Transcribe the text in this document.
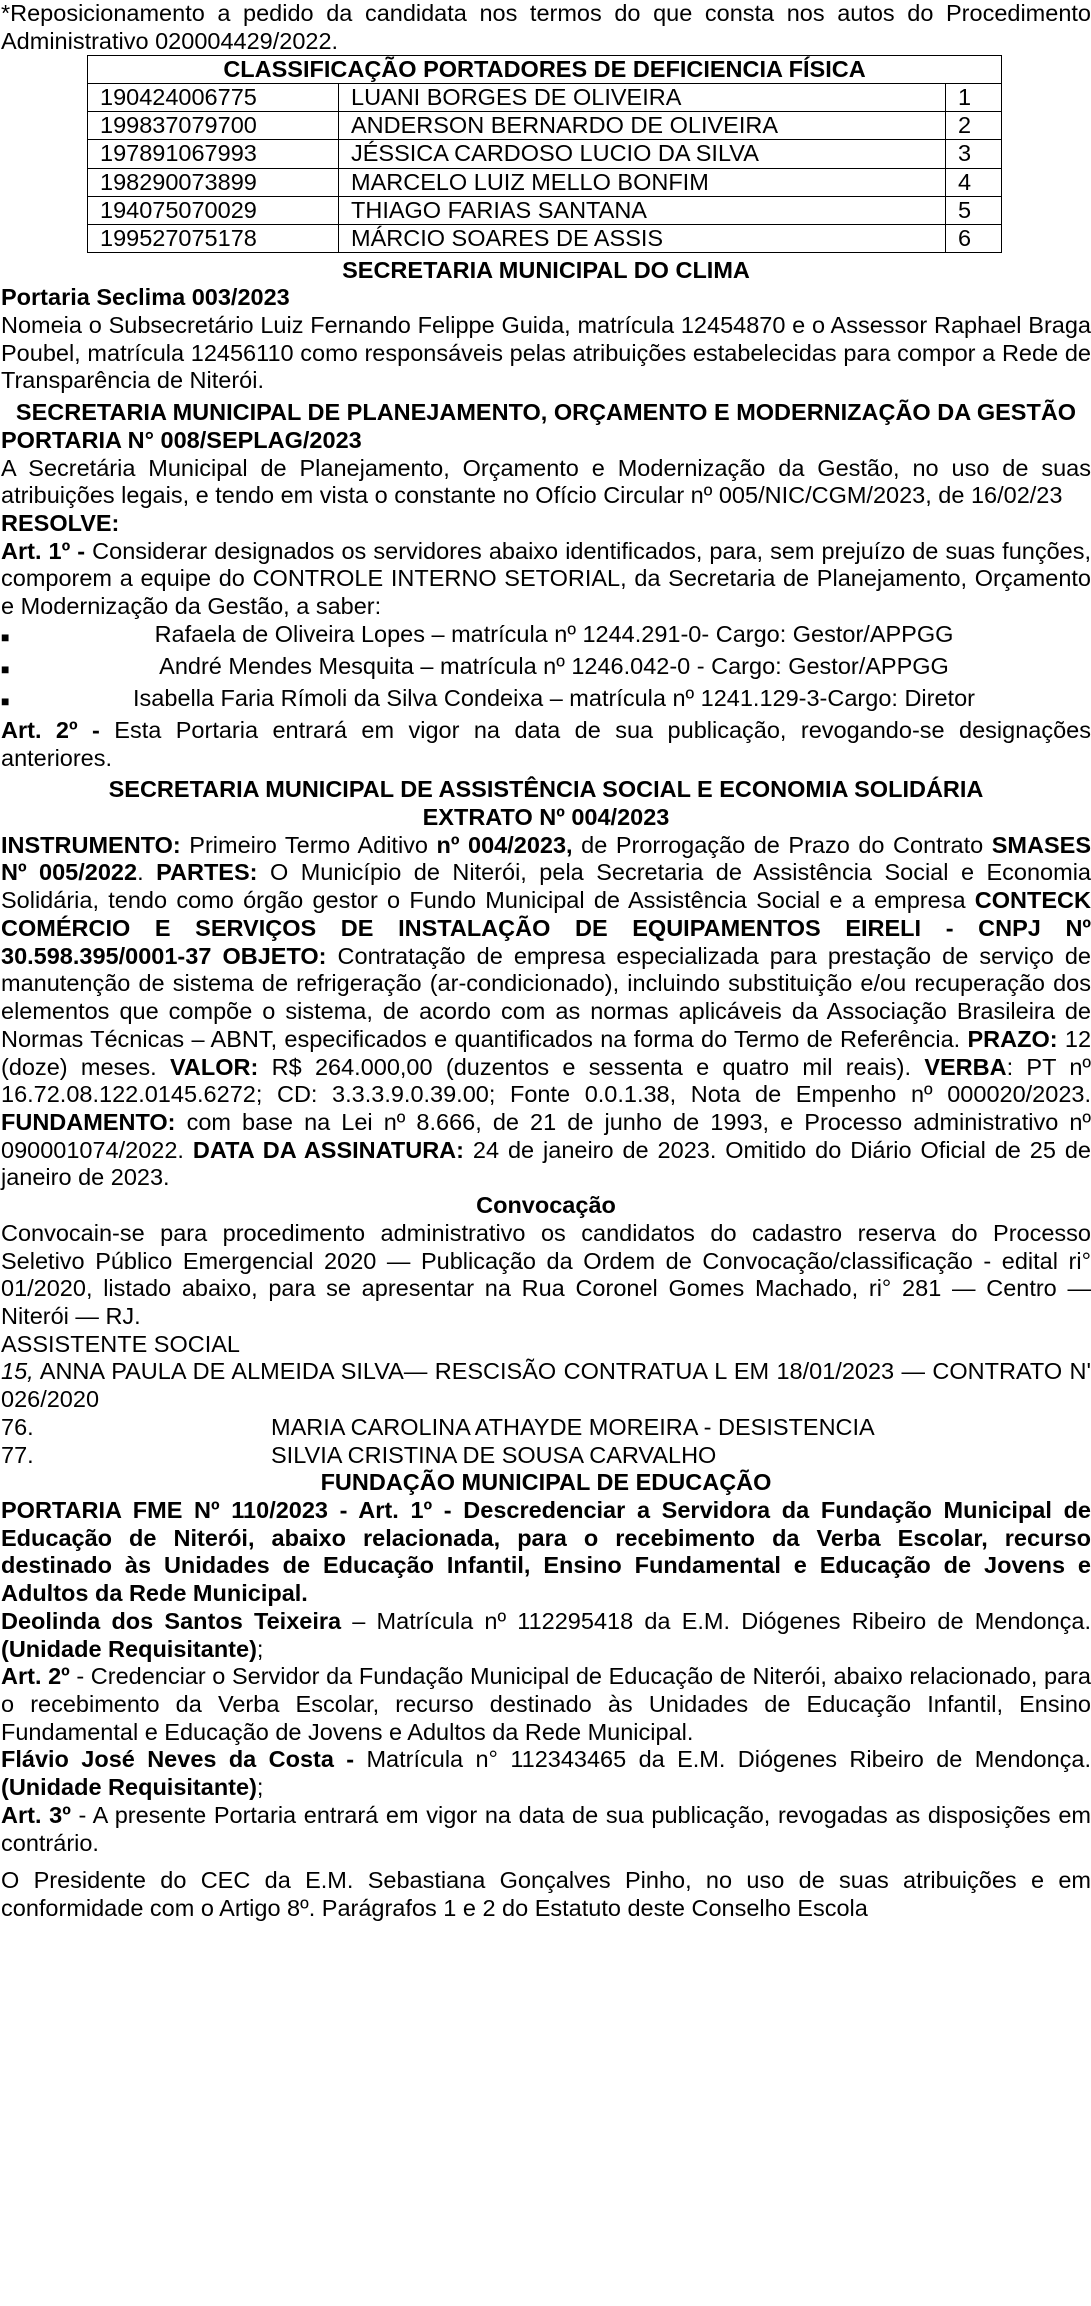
*Reposicionamento a pedido da candidata nos termos do que consta nos autos do Procedimento Administrativo 020004429/2022.

CLASSIFICAÇÃO PORTADORES DE DEFICIENCIA FÍSICA		
190424006775	LUANI BORGES DE OLIVEIRA	1
199837079700	ANDERSON BERNARDO DE OLIVEIRA	2
197891067993	JÉSSICA CARDOSO LUCIO DA SILVA	3
198290073899	MARCELO LUIZ MELLO BONFIM	4
194075070029	THIAGO FARIAS SANTANA	5
199527075178	MÁRCIO SOARES DE ASSIS	6

SECRETARIA MUNICIPAL DO CLIMA

Portaria Seclima 003/2023

Nomeia o Subsecretário Luiz Fernando Felippe Guida, matrícula 12454870 e o Assessor Raphael Braga Poubel, matrícula 12456110 como responsáveis pelas atribuições estabelecidas para compor a Rede de Transparência de Niterói.

SECRETARIA MUNICIPAL DE PLANEJAMENTO, ORÇAMENTO E MODERNIZAÇÃO DA GESTÃO

PORTARIA N° 008/SEPLAG/2023

A Secretária Municipal de Planejamento, Orçamento e Modernização da Gestão, no uso de suas atribuições legais, e tendo em vista o constante no Ofício Circular nº 005/NIC/CGM/2023, de 16/02/23

RESOLVE:

Art. 1º - Considerar designados os servidores abaixo identificados, para, sem prejuízo de suas funções, comporem a equipe do CONTROLE INTERNO SETORIAL, da Secretaria de Planejamento, Orçamento e Modernização da Gestão, a saber:

■	Rafaela de Oliveira Lopes – matrícula nº 1244.291-0- Cargo: Gestor/APPGG
■	André Mendes Mesquita – matrícula nº 1246.042-0 - Cargo: Gestor/APPGG
■	Isabella Faria Rímoli da Silva Condeixa – matrícula nº 1241.129-3-Cargo: Diretor

Art. 2º - Esta Portaria entrará em vigor na data de sua publicação, revogando-se designações anteriores.

SECRETARIA MUNICIPAL DE ASSISTÊNCIA SOCIAL E ECONOMIA SOLIDÁRIA

EXTRATO Nº 004/2023

INSTRUMENTO: Primeiro Termo Aditivo nº 004/2023, de Prorrogação de Prazo do Contrato SMASES Nº 005/2022. PARTES: O Município de Niterói, pela Secretaria de Assistência Social e Economia Solidária, tendo como órgão gestor o Fundo Municipal de Assistência Social e a empresa CONTECK COMÉRCIO E SERVIÇOS DE INSTALAÇÃO DE EQUIPAMENTOS EIRELI - CNPJ Nº 30.598.395/0001-37 OBJETO: Contratação de empresa especializada para prestação de serviço de manutenção de sistema de refrigeração (ar-condicionado), incluindo substituição e/ou recuperação dos elementos que compõe o sistema, de acordo com as normas aplicáveis da Associação Brasileira de Normas Técnicas – ABNT, especificados e quantificados na forma do Termo de Referência. PRAZO: 12 (doze) meses. VALOR: R$ 264.000,00 (duzentos e sessenta e quatro mil reais). VERBA: PT nº 16.72.08.122.0145.6272; CD: 3.3.3.9.0.39.00; Fonte 0.0.1.38, Nota de Empenho nº 000020/2023. FUNDAMENTO: com base na Lei nº 8.666, de 21 de junho de 1993, e Processo administrativo nº 090001074/2022. DATA DA ASSINATURA: 24 de janeiro de 2023. Omitido do Diário Oficial de 25 de janeiro de 2023.

Convocação

Convocain-se para procedimento administrativo os candidatos do cadastro reserva do Processo Seletivo Público Emergencial 2020 — Publicação da Ordem de Convocação/classificação - edital ri° 01/2020, listado abaixo, para se apresentar na Rua Coronel Gomes Machado, ri° 281 — Centro — Niterói — RJ.

ASSISTENTE SOCIAL

15, ANNA PAULA DE ALMEIDA SILVA— RESCISÃO CONTRATUA L EM 18/01/2023 — CONTRATO N' 026/2020

76.	MARIA CAROLINA ATHAYDE MOREIRA - DESISTENCIA
77.	SILVIA CRISTINA DE SOUSA CARVALHO

FUNDAÇÃO MUNICIPAL DE EDUCAÇÃO

PORTARIA FME Nº 110/2023 - Art. 1º - Descredenciar a Servidora da Fundação Municipal de Educação de Niterói, abaixo relacionada, para o recebimento da Verba Escolar, recurso destinado às Unidades de Educação Infantil, Ensino Fundamental e Educação de Jovens e Adultos da Rede Municipal.

Deolinda dos Santos Teixeira – Matrícula nº 112295418 da E.M. Diógenes Ribeiro de Mendonça. (Unidade Requisitante);

Art. 2º - Credenciar o Servidor da Fundação Municipal de Educação de Niterói, abaixo relacionado, para o recebimento da Verba Escolar, recurso destinado às Unidades de Educação Infantil, Ensino Fundamental e Educação de Jovens e Adultos da Rede Municipal.

Flávio José Neves da Costa - Matrícula n° 112343465 da E.M. Diógenes Ribeiro de Mendonça. (Unidade Requisitante);

Art. 3º - A presente Portaria entrará em vigor na data de sua publicação, revogadas as disposições em contrário.

O Presidente do CEC da E.M. Sebastiana Gonçalves Pinho, no uso de suas atribuições e em conformidade com o Artigo 8º. Parágrafos 1 e 2 do Estatuto deste Conselho Escola
